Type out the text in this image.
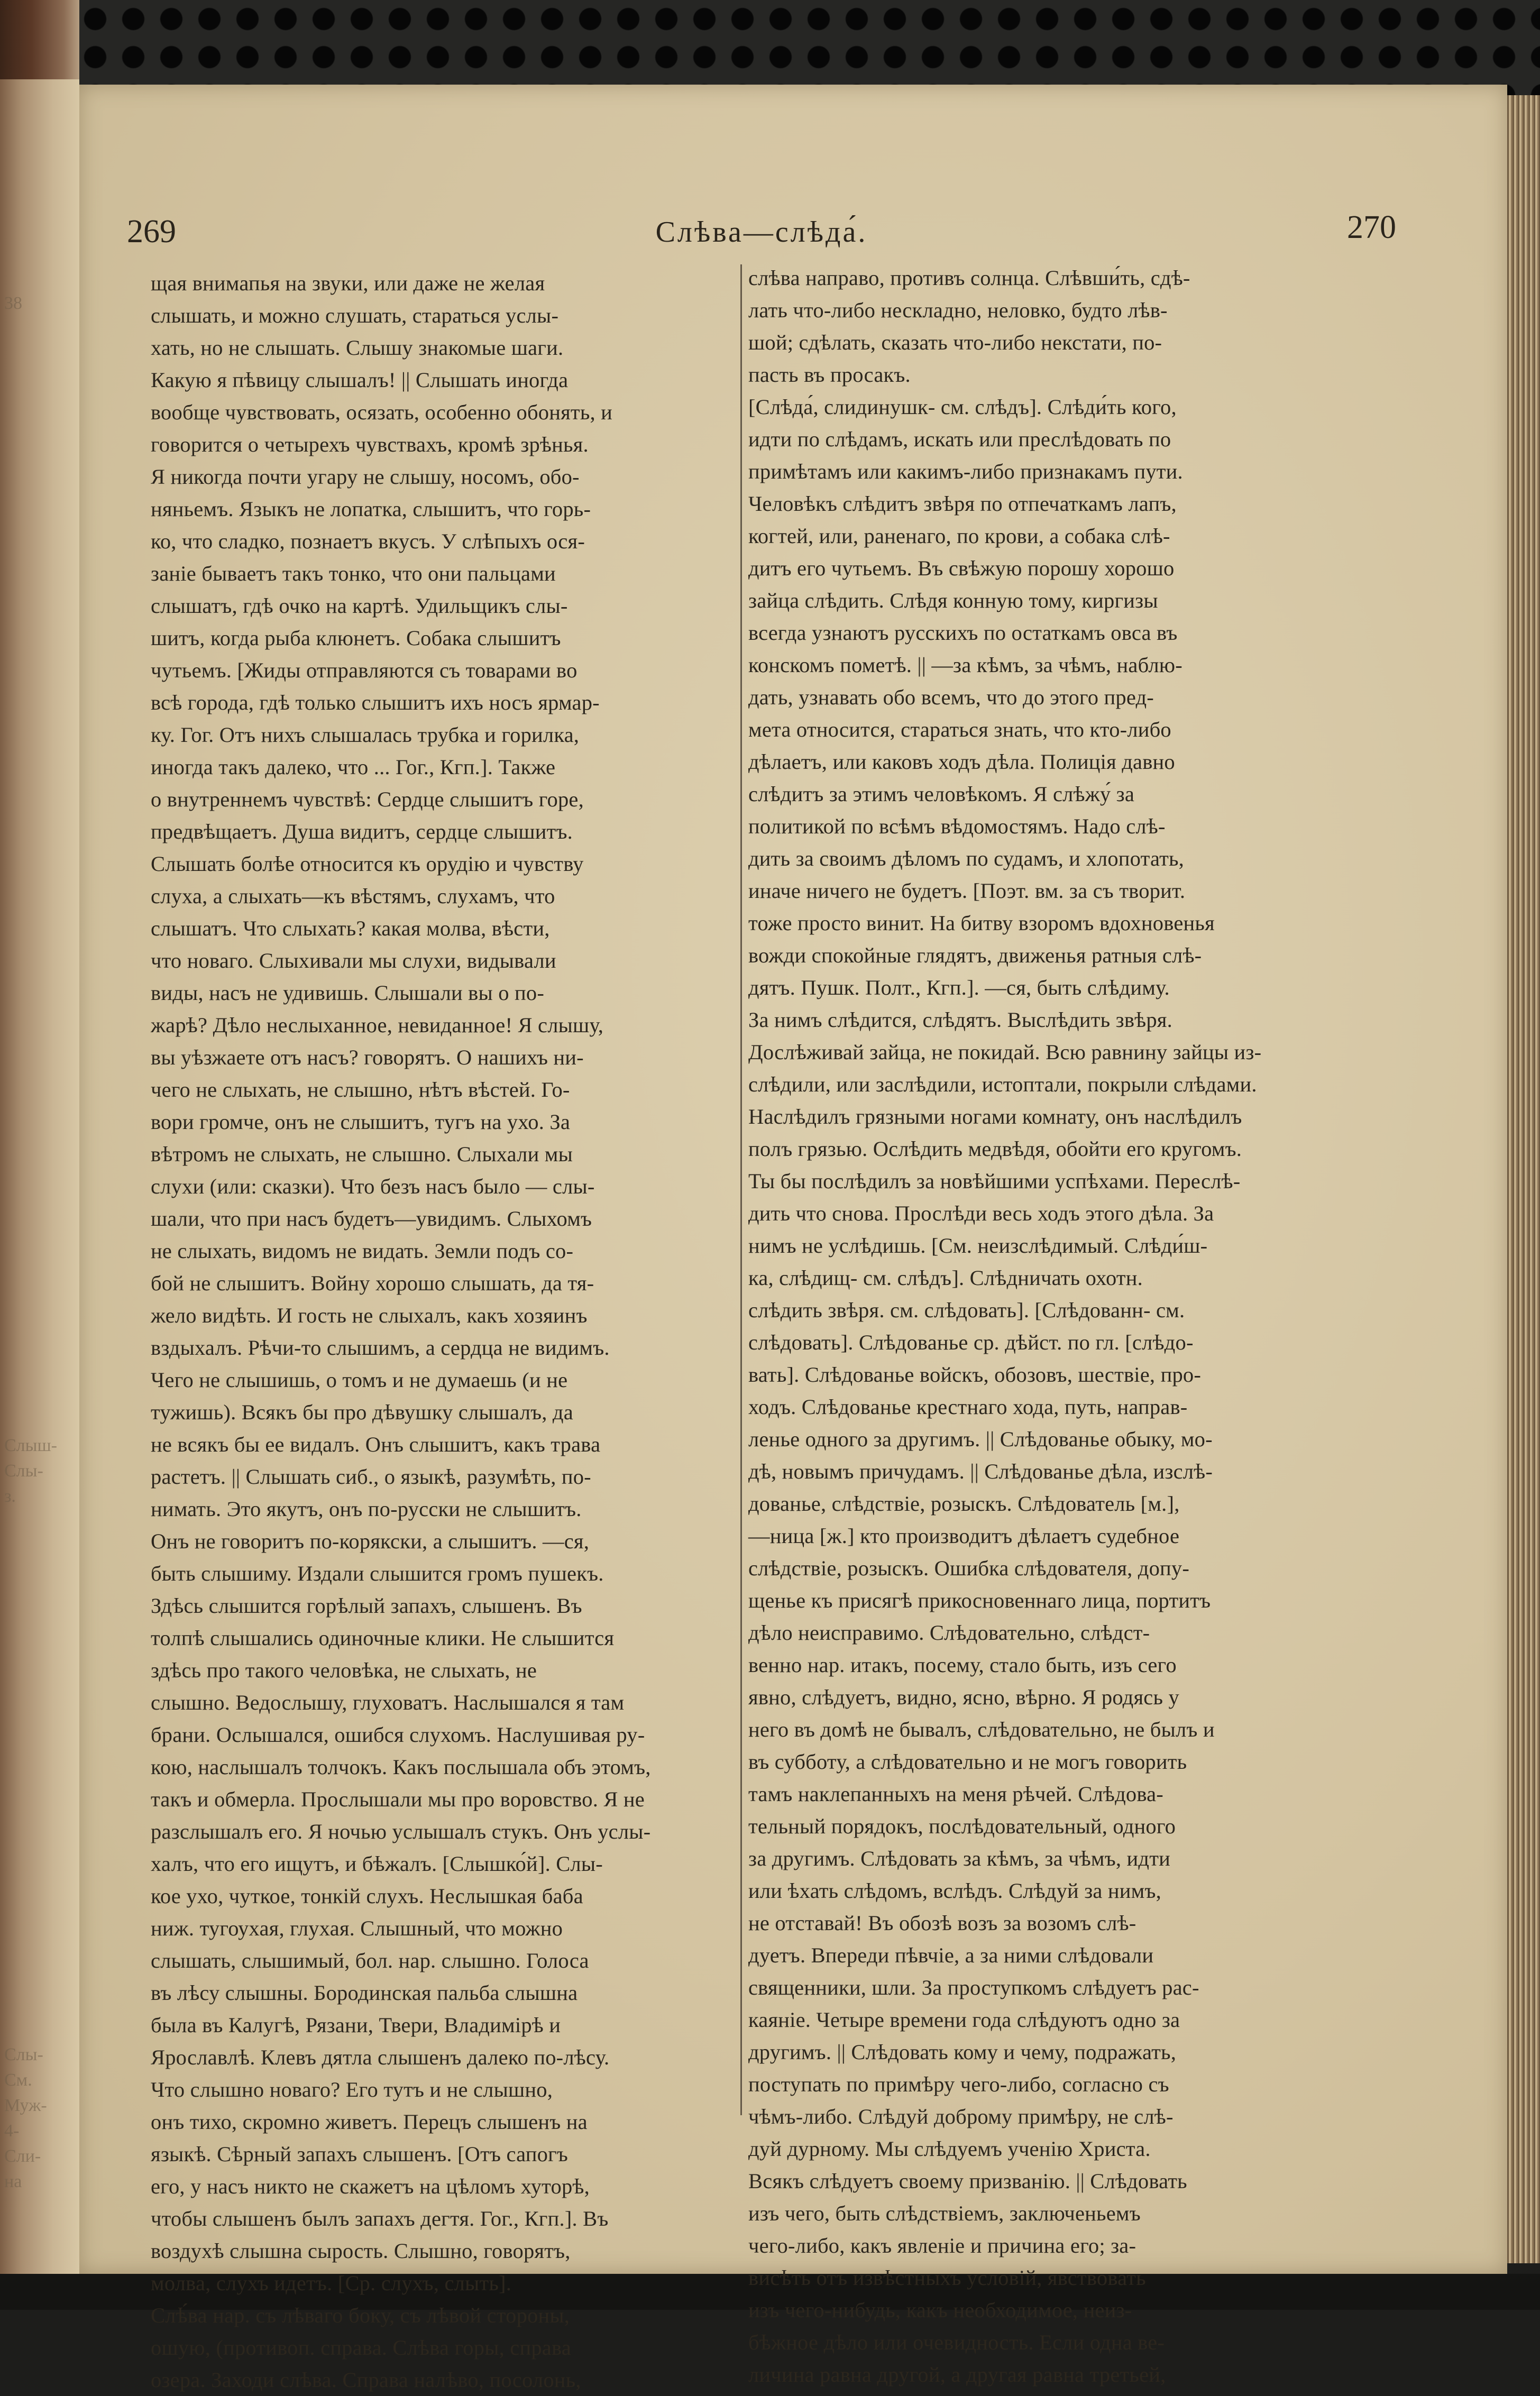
38

Слыш-
Слы-
з.

Слы-
См.
Муж-
4-
Сли-
на
269	Слѣва—слѣда́.	270

щая внимапья на звуки, или даже не желая

слышать, и можно слушать, стараться услы-

хать, но не слышать. Слышу знакомые шаги.

Какую я пѣвицу слышалъ! || Слышать иногда

вообще чувствовать, осязать, особенно обонять, и

говорится о четырехъ чувствахъ, кромѣ зрѣнья.

Я никогда почти угару не слышу, носомъ, обо-

няньемъ. Языкъ не лопатка, слышитъ, что горь-

ко, что сладко, познаетъ вкусъ. У слѣпыхъ ося-

заніе бываетъ такъ тонко, что они пальцами

слышатъ, гдѣ очко на картѣ. Удильщикъ слы-

шитъ, когда рыба клюнетъ. Собака слышитъ

чутьемъ. [Жиды отправляются съ товарами во

всѣ города, гдѣ только слышитъ ихъ носъ ярмар-

ку. Гог. Отъ нихъ слышалась трубка и горилка,

иногда такъ далеко, что ... Гог., Кгп.]. Также

о внутреннемъ чувствѣ: Сердце слышитъ горе,

предвѣщаетъ. Душа видитъ, сердце слышитъ.

Слышать болѣе относится къ орудію и чувству

слуха, а слыхать—къ вѣстямъ, слухамъ, что

слышатъ. Что слыхать? какая молва, вѣсти,

что новаго. Слыхивали мы слухи, видывали

виды, насъ не удивишь. Слышали вы о по-

жарѣ? Дѣло неслыханное, невиданное! Я слышу,

вы уѣзжаете отъ насъ? говорятъ. О нашихъ ни-

чего не слыхать, не слышно, нѣтъ вѣстей. Го-

вори громче, онъ не слышитъ, тугъ на ухо. За

вѣтромъ не слыхать, не слышно. Слыхали мы

слухи (или: сказки). Что безъ насъ было — слы-

шали, что при насъ будетъ—увидимъ. Слыхомъ

не слыхать, видомъ не видать. Земли подъ со-

бой не слышитъ. Войну хорошо слышать, да тя-

жело видѣть. И гость не слыхалъ, какъ хозяинъ

вздыхалъ. Рѣчи-то слышимъ, а сердца не видимъ.

Чего не слышишь, о томъ и не думаешь (и не

тужишь). Всякъ бы про дѣвушку слышалъ, да

не всякъ бы ее видалъ. Онъ слышитъ, какъ трава

растетъ. || Слышать сиб., о языкѣ, разумѣть, по-

нимать. Это якутъ, онъ по-русски не слышитъ.

Онъ не говоритъ по-корякски, а слышитъ. —ся,

быть слышиму. Издали слышится громъ пушекъ.

Здѣсь слышится горѣлый запахъ, слышенъ. Въ

толпѣ слышались одиночные клики. Не слышится

здѣсь про такого человѣка, не слыхать, не

слышно. Ведослышу, глуховатъ. Наслышался я там

брани. Ослышался, ошибся слухомъ. Наслушивая ру-

кою, наслышалъ толчокъ. Какъ послышала объ этомъ,

такъ и обмерла. Прослышали мы про воровство. Я не

разслышалъ его. Я ночью услышалъ стукъ. Онъ услы-

халъ, что его ищутъ, и бѣжалъ. [Слышко́й]. Слы-

кое ухо, чуткое, тонкій слухъ. Неслышкая баба

ниж. тугоухая, глухая. Слышный, что можно

слышать, слышимый, бол. нар. слышно. Голоса

въ лѣсу слышны. Бородинская пальба слышна

была въ Калугѣ, Рязани, Твери, Владимірѣ и

Ярославлѣ. Клевъ дятла слышенъ далеко по-лѣсу.

Что слышно новаго? Его тутъ и не слышно,

онъ тихо, скромно живетъ. Перецъ слышенъ на

языкѣ. Сѣрный запахъ слышенъ. [Отъ сапогъ

его, у насъ никто не скажетъ на цѣломъ хуторѣ,

чтобы слышенъ былъ запахъ дегтя. Гог., Кгп.]. Въ

воздухѣ слышна сырость. Слышно, говорятъ,

молва, слухъ идетъ. [Ср. слухъ, слыть].

Слѣ́ва нар. съ лѣваго боку, съ лѣвой стороны,

ошую, (противоп. справа. Слѣва горы, справа

озера. Заходи слѣва. Справа налѣво, посолонь,

слѣва направо, противъ солнца. Слѣвши́ть, сдѣ-

лать что-либо нескладно, неловко, будто лѣв-

шой; сдѣлать, сказать что-либо некстати, по-

пасть въ просакъ.

[Слѣда́, слидинушк- см. слѣдъ]. Слѣди́ть кого,

идти по слѣдамъ, искать или преслѣдовать по

примѣтамъ или какимъ-либо признакамъ пути.

Человѣкъ слѣдитъ звѣря по отпечаткамъ лапъ,

когтей, или, раненаго, по крови, а собака слѣ-

дитъ его чутьемъ. Въ свѣжую порошу хорошо

зайца слѣдить. Слѣдя конную тому, киргизы

всегда узнаютъ русскихъ по остаткамъ овса въ

конскомъ пометѣ. || —за кѣмъ, за чѣмъ, наблю-

дать, узнавать обо всемъ, что до этого пред-

мета относится, стараться знать, что кто-либо

дѣлаетъ, или каковъ ходъ дѣла. Полиція давно

слѣдитъ за этимъ человѣкомъ. Я слѣжу́ за

политикой по всѣмъ вѣдомостямъ. Надо слѣ-

дить за своимъ дѣломъ по судамъ, и хлопотать,

иначе ничего не будетъ. [Поэт. вм. за съ творит.

тоже просто винит. На битву взоромъ вдохновенья

вожди спокойные глядятъ, движенья ратныя слѣ-

дятъ. Пушк. Полт., Кгп.]. —ся, быть слѣдиму.

За нимъ слѣдится, слѣдятъ. Выслѣдить звѣря.

Дослѣживай зайца, не покидай. Всю равнину зайцы из-

слѣдили, или заслѣдили, истоптали, покрыли слѣдами.

Наслѣдилъ грязными ногами комнату, онъ наслѣдилъ

полъ грязью. Ослѣдить медвѣдя, обойти его кругомъ.

Ты бы послѣдилъ за новѣйшими успѣхами. Переслѣ-

дить что снова. Прослѣди весь ходъ этого дѣла. За

нимъ не услѣдишь. [См. неизслѣдимый. Слѣди́ш-

ка, слѣдищ- см. слѣдъ]. Слѣдничать охотн.

слѣдить звѣря. см. слѣдовать]. [Слѣдованн- см.

слѣдовать]. Слѣдованье ср. дѣйст. по гл. [слѣдо-

вать]. Слѣдованье войскъ, обозовъ, шествіе, про-

ходъ. Слѣдованье крестнаго хода, путь, направ-

ленье одного за другимъ. || Слѣдованье обыку, мо-

дѣ, новымъ причудамъ. || Слѣдованье дѣла, изслѣ-

дованье, слѣдствіе, розыскъ. Слѣдователь [м.],

—ница [ж.] кто производитъ дѣлаетъ судебное

слѣдствіе, розыскъ. Ошибка слѣдователя, допу-

щенье къ присягѣ прикосновеннаго лица, портитъ

дѣло неисправимо. Слѣдовательно, слѣдст-

венно нар. итакъ, посему, стало быть, изъ сего

явно, слѣдуетъ, видно, ясно, вѣрно. Я родясь у

него въ домѣ не бывалъ, слѣдовательно, не былъ и

въ субботу, а слѣдовательно и не могъ говорить

тамъ наклепанныхъ на меня рѣчей. Слѣдова-

тельный порядокъ, послѣдовательный, одного

за другимъ. Слѣдовать за кѣмъ, за чѣмъ, идти

или ѣхать слѣдомъ, вслѣдъ. Слѣдуй за нимъ,

не отставай! Въ обозѣ возъ за возомъ слѣ-

дуетъ. Впереди пѣвчіе, а за ними слѣдовали

священники, шли. За проступкомъ слѣдуетъ рас-

каяніе. Четыре времени года слѣдуютъ одно за

другимъ. || Слѣдовать кому и чему, подражать,

поступать по примѣру чего-либо, согласно съ

чѣмъ-либо. Слѣдуй доброму примѣру, не слѣ-

дуй дурному. Мы слѣдуемъ ученію Христа.

Всякъ слѣдуетъ своему призванію. || Слѣдовать

изъ чего, быть слѣдствіемъ, заключеньемъ

чего-либо, какъ явленіе и причина его; за-

висѣть отъ извѣстныхъ условій, явствовать

изъ чего-нибудь, какъ необходимое, неиз-

бѣжное дѣло или очевидность. Если одна ве-

личина равна другой, а другая равна третьей,
